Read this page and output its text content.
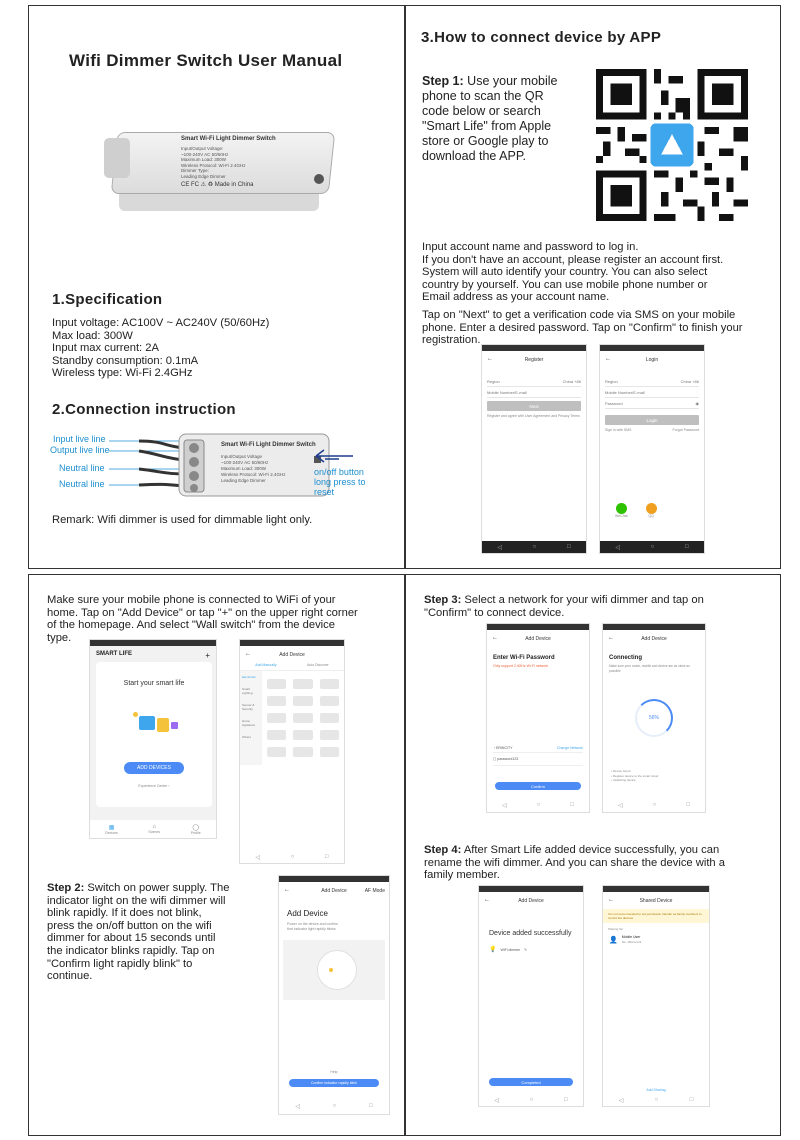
Wifi Dimmer Switch User Manual
Smart Wi-Fi Light Dimmer Switch
Input/Output Voltage:
~100-240V AC 50/60Hz
Maximum Load: 300W
Wireless Protocol: Wi-Fi 2.4GHz
Dimmer Type:
Leading Edge Dimmer
CE FC ⚠ ♻ Made in China
1.Specification
Input voltage: AC100V ~ AC240V (50/60Hz)
Max load: 300W
Input max current: 2A
Standby consumption: 0.1mA
Wireless type: Wi-Fi 2.4GHz
2.Connection instruction
Input live line
Output live line
Neutral line
Neutral line
Smart Wi-Fi Light Dimmer Switch
Input/Output Voltage
~100-240V AC 50/60Hz
Maximum Load: 300W
Wireless Protocol: Wi-Fi 2.4GHz
Leading Edge Dimmer
on/off button
long press to
reset
Remark: Wifi dimmer is used for dimmable light only.
3.How to connect device by APP
Step 1: Use your mobile
phone to scan the QR
code below or search
"Smart Life" from Apple
store or Google play to
download the APP.
Input account name and password to log in.
If you don't have an account, please register an account first.
System will auto identify your country. You can also select
country by yourself. You can use mobile phone number or
Email address as your account name.
Tap on "Next" to get a verification code via SMS on your mobile
phone. Enter a desired password. Tap on "Confirm" to finish your
registration.
←	Register
Region	China +86
Mobile Number/E-mail
Next
Register and agree with User Agreement and Privacy Terms
◁	○	□
←	Login
Region	China +86
Mobile Number/E-mail
Password	◉
Login
Sign in with SMS	Forgot Password
WeChat	QQ
◁	○	□
Make sure your mobile phone is connected to WiFi of your
home. Tap on "Add Device" or tap "+" on the upper right corner
of the homepage. And select "Wall switch" from the device
type.
SMART LIFE	+
Start your smart life
ADD DEVICES
Experience Center ›
▦
Devices
⌂
Scenes
◯
Profile
←	Add Device
Add Manually	Auto Discover
Electrician
Small Lighting
Sensor & Security
Home Appliance
Others
◁	○	□
Step 2: Switch on power supply. The
indicator light on the wifi dimmer will
blink rapidly. If it does not blink,
press the on/off button on the wifi
dimmer for about 15 seconds until
the indicator blinks rapidly. Tap on
"Confirm light rapidly blink" to
continue.
←	Add Device	AF Mode
Add Device
Power on the device and confirm
that indicator light rapidly blinks
Help
Confirm indicator rapidly blink
◁	○	□
Step 3: Select a network for your wifi dimmer and tap on
"Confirm" to connect device.
←	Add Device
Enter Wi-Fi Password
Only support 2.4GHz Wi-Fi network
◔ ERINCITY	Change Network
▢ password123
Confirm
◁	○	□
←	Add Device
Connecting
Make sure your router, mobile and device are as close as possible
56%
• Device found
• Register device to the smart cloud
• Initializing device
◁	○	□
Step 4: After Smart Life added device successfully, you can
rename the wifi dimmer. And you can share the device with a
family member.
←	Add Device
Device added successfully
💡 WiFi dimmer ✎
Completed
◁	○	□
←	Shared Device
It is not recommended to set permission transfer as family members to control the devices
Sharing list
👤 Mobile User
No: 18xxxxxx3
Add Sharing
◁	○	□
